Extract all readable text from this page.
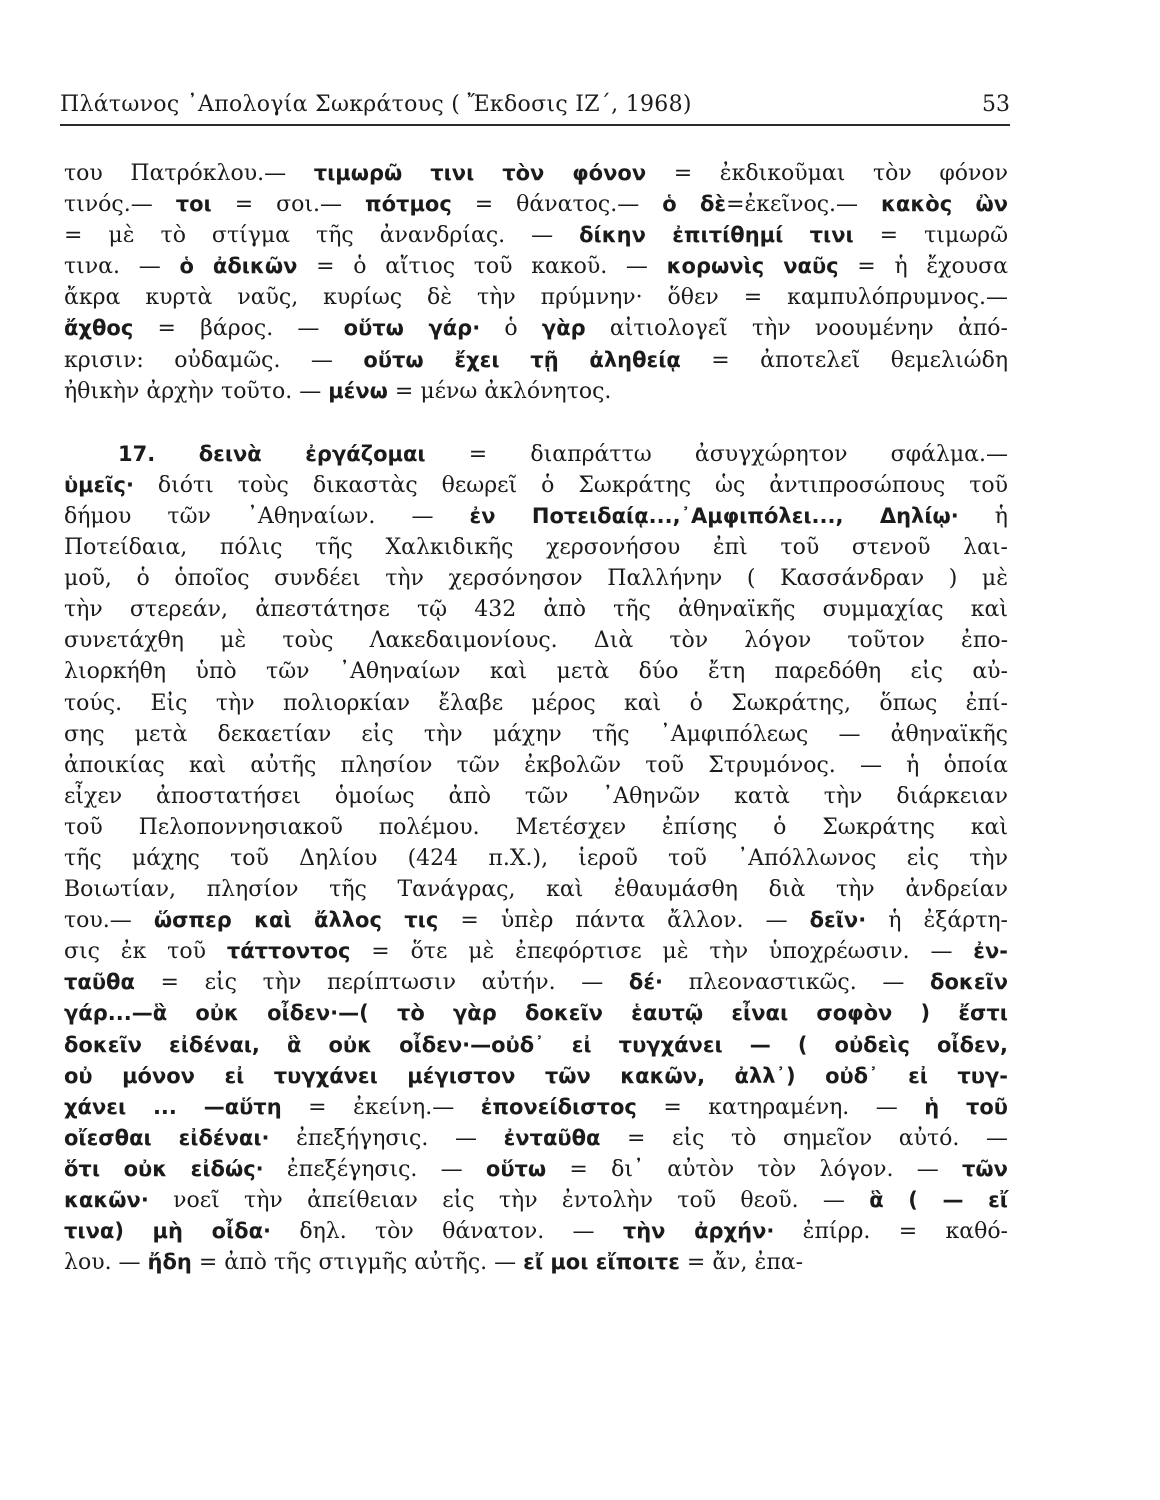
Πλάτωνος ᾽Απολογία Σωκράτους ( Ἔκδοσις ΙΖ΄, 1968)	53
του Πατρόκλου.— τιμωρῶ τινι τὸν φόνον = ἐκδικοῦμαι τὸν φόνον
τινός.— τοι = σοι.— πότμος = θάνατος.— ὁ δὲ=ἐκεῖνος.— κακὸς ὢν
= μὲ τὸ στίγμα τῆς ἀνανδρίας. — δίκην ἐπιτίθημί τινι = τιμωρῶ
τινα. — ὁ ἀδικῶν = ὁ αἴτιος τοῦ κακοῦ. — κορωνὶς ναῦς = ἡ ἔχουσα
ἄκρα κυρτὰ ναῦς, κυρίως δὲ τὴν πρύμνην· ὅθεν = καμπυλόπρυμνος.—
ἄχθος = βάρος. — οὕτω γάρ· ὁ γὰρ αἰτιολογεῖ τὴν νοουμένην ἀπό-
κρισιν: οὐδαμῶς. — οὕτω ἔχει τῇ ἀληθείᾳ = ἀποτελεῖ θεμελιώδη
ἠθικὴν ἀρχὴν τοῦτο. — μένω = μένω ἀκλόνητος.
17. δεινὰ ἐργάζομαι = διαπράττω ἀσυγχώρητον σφάλμα.—
ὑμεῖς· διότι τοὺς δικαστὰς θεωρεῖ ὁ Σωκράτης ὡς ἀντιπροσώπους τοῦ
δήμου τῶν ᾽Αθηναίων. — ἐν Ποτειδαίᾳ...,᾽Αμφιπόλει..., Δηλίῳ· ἡ
Ποτείδαια, πόλις τῆς Χαλκιδικῆς χερσονήσου ἐπὶ τοῦ στενοῦ λαι-
μοῦ, ὁ ὁποῖος συνδέει τὴν χερσόνησον Παλλήνην ( Κασσάνδραν ) μὲ
τὴν στερεάν, ἀπεστάτησε τῷ 432 ἀπὸ τῆς ἀθηναϊκῆς συμμαχίας καὶ
συνετάχθη μὲ τοὺς Λακεδαιμονίους. Διὰ τὸν λόγον τοῦτον ἐπο-
λιορκήθη ὑπὸ τῶν ᾽Αθηναίων καὶ μετὰ δύο ἔτη παρεδόθη εἰς αὐ-
τούς. Εἰς τὴν πολιορκίαν ἔλαβε μέρος καὶ ὁ Σωκράτης, ὅπως ἐπί-
σης μετὰ δεκαετίαν εἰς τὴν μάχην τῆς ᾽Αμφιπόλεως — ἀθηναϊκῆς
ἀποικίας καὶ αὐτῆς πλησίον τῶν ἐκβολῶν τοῦ Στρυμόνος. — ἡ ὁποία
εἶχεν ἀποστατήσει ὁμοίως ἀπὸ τῶν ᾽Αθηνῶν κατὰ τὴν διάρκειαν
τοῦ Πελοποννησιακοῦ πολέμου. Μετέσχεν ἐπίσης ὁ Σωκράτης καὶ
τῆς μάχης τοῦ Δηλίου (424 π.Χ.), ἱεροῦ τοῦ ᾽Απόλλωνος εἰς τὴν
Βοιωτίαν, πλησίον τῆς Τανάγρας, καὶ ἐθαυμάσθη διὰ τὴν ἀνδρείαν
του.— ὥσπερ καὶ ἄλλος τις = ὑπὲρ πάντα ἄλλον. — δεῖν· ἡ ἐξάρτη-
σις ἐκ τοῦ τάττοντος = ὅτε μὲ ἐπεφόρτισε μὲ τὴν ὑποχρέωσιν. — ἐν-
ταῦθα = εἰς τὴν περίπτωσιν αὐτήν. — δέ· πλεοναστικῶς. — δοκεῖν
γάρ...—ἃ οὐκ οἶδεν·—( τὸ γὰρ δοκεῖν ἑαυτῷ εἶναι σοφὸν ) ἔστι
δοκεῖν εἰδέναι, ἃ οὐκ οἶδεν·—οὐδ᾽ εἰ τυγχάνει — ( οὐδεὶς οἶδεν,
οὐ μόνον εἰ τυγχάνει μέγιστον τῶν κακῶν, ἀλλ᾽) οὐδ᾽ εἰ τυγ-
χάνει ... —αὕτη = ἐκείνη.— ἐπονείδιστος = κατηραμένη. — ἡ τοῦ
οἴεσθαι εἰδέναι· ἐπεξήγησις. — ἐνταῦθα = εἰς τὸ σημεῖον αὐτό. —
ὅτι οὐκ εἰδώς· ἐπεξέγησις. — οὕτω = δι᾽ αὐτὸν τὸν λόγον. — τῶν
κακῶν· νοεῖ τὴν ἀπείθειαν εἰς τὴν ἐντολὴν τοῦ θεοῦ. — ἃ ( — εἴ
τινα) μὴ οἶδα· δηλ. τὸν θάνατον. — τὴν ἀρχήν· ἐπίρρ. = καθό-
λου. — ἤδη = ἀπὸ τῆς στιγμῆς αὐτῆς. — εἴ μοι εἴποιτε = ἄν, ἐπα-
